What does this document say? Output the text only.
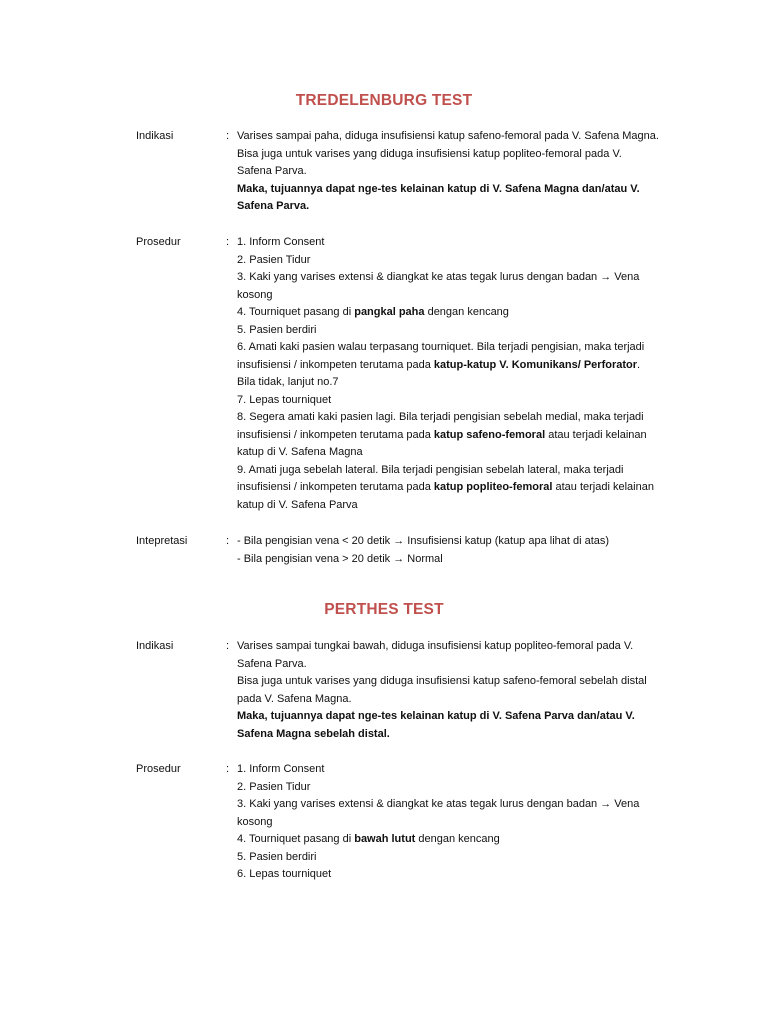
TREDELENBURG TEST
Indikasi	: Varises sampai paha, diduga insufisiensi katup safeno-femoral pada V. Safena Magna.
Bisa juga untuk varises yang diduga insufisiensi katup popliteo-femoral pada V.
Safena Parva.
Maka, tujuannya dapat nge-tes kelainan katup di V. Safena Magna dan/atau V.
Safena Parva.
Prosedur	: 1. Inform Consent
2. Pasien Tidur
3. Kaki yang varises extensi & diangkat ke atas tegak lurus dengan badan → Vena
kosong
4. Tourniquet pasang di pangkal paha dengan kencang
5. Pasien berdiri
6. Amati kaki pasien walau terpasang tourniquet. Bila terjadi pengisian, maka terjadi
insufisiensi / inkompeten terutama pada katup-katup V. Komunikans/ Perforator.
Bila tidak, lanjut no.7
7. Lepas tourniquet
8. Segera amati kaki pasien lagi. Bila terjadi pengisian sebelah medial, maka terjadi
insufisiensi / inkompeten terutama pada katup safeno-femoral atau terjadi kelainan
katup di V. Safena Magna
9. Amati juga sebelah lateral. Bila terjadi pengisian sebelah lateral, maka terjadi
insufisiensi / inkompeten terutama pada katup popliteo-femoral atau terjadi kelainan
katup di V. Safena Parva
Intepretasi	: - Bila pengisian vena < 20 detik → Insufisiensi katup (katup apa lihat di atas)
- Bila pengisian vena > 20 detik → Normal
PERTHES TEST
Indikasi	: Varises sampai tungkai bawah, diduga insufisiensi katup popliteo-femoral pada V.
Safena Parva.
Bisa juga untuk varises yang diduga insufisiensi katup safeno-femoral sebelah distal
pada V. Safena Magna.
Maka, tujuannya dapat nge-tes kelainan katup di V. Safena Parva dan/atau V.
Safena Magna sebelah distal.
Prosedur	: 1. Inform Consent
2. Pasien Tidur
3. Kaki yang varises extensi & diangkat ke atas tegak lurus dengan badan → Vena
kosong
4. Tourniquet pasang di bawah lutut dengan kencang
5. Pasien berdiri
6. Lepas tourniquet
